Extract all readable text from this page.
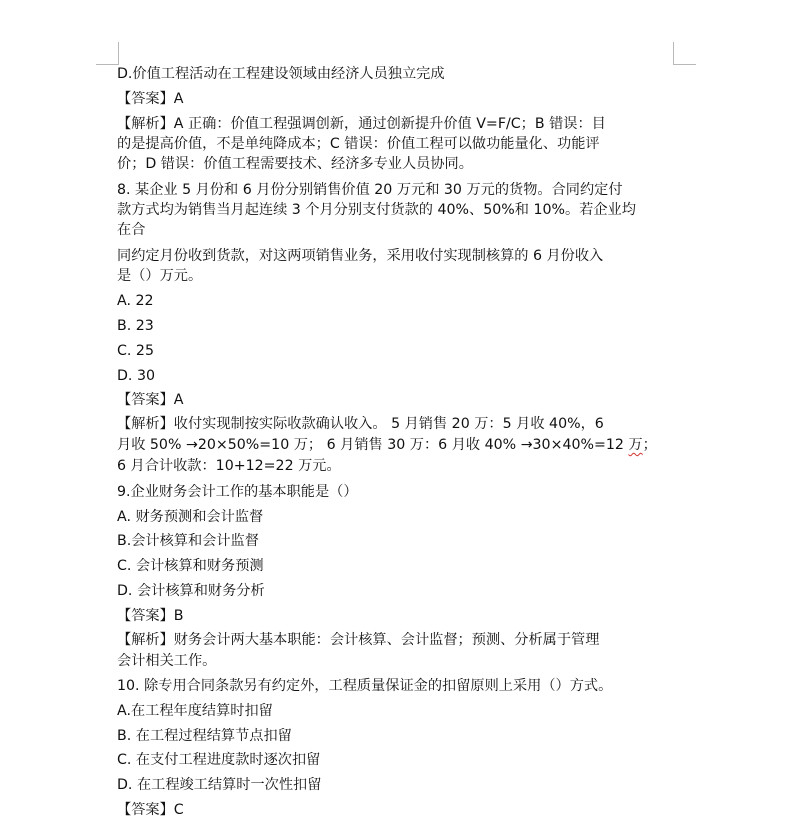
D.价值工程活动在工程建设领域由经济人员独立完成
【答案】A
【解析】A 正确：价值工程强调创新，通过创新提升价值 V=F/C；B 错误：目
的是提高价值，不是单纯降成本；C 错误：价值工程可以做功能量化、功能评
价；D 错误：价值工程需要技术、经济多专业人员协同。
8. 某企业 5 月份和 6 月份分别销售价值 20 万元和 30 万元的货物。合同约定付
款方式均为销售当月起连续 3 个月分别支付货款的 40%、50%和 10%。若企业均
在合
同约定月份收到货款，对这两项销售业务，采用收付实现制核算的 6 月份收入
是（）万元。
A. 22
B. 23
C. 25
D. 30
【答案】A
【解析】收付实现制按实际收款确认收入。 5 月销售 20 万：5 月收 40%，6
月收 50% →20×50%=10 万； 6 月销售 30 万：6 月收 40% →30×40%=12 万；
6 月合计收款：10+12=22 万元。
9.企业财务会计工作的基本职能是（）
A. 财务预测和会计监督
B.会计核算和会计监督
C. 会计核算和财务预测
D. 会计核算和财务分析
【答案】B
【解析】财务会计两大基本职能：会计核算、会计监督；预测、分析属于管理
会计相关工作。
10. 除专用合同条款另有约定外，工程质量保证金的扣留原则上采用（）方式。
A.在工程年度结算时扣留
B. 在工程过程结算节点扣留
C. 在支付工程进度款时逐次扣留
D. 在工程竣工结算时一次性扣留
【答案】C
